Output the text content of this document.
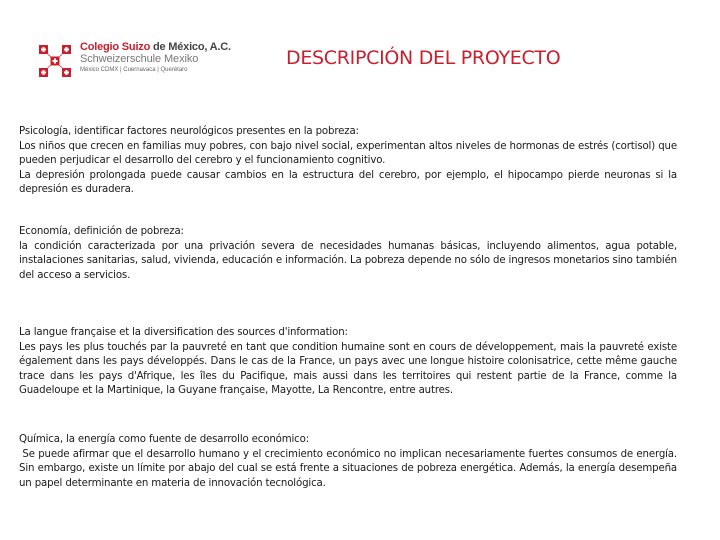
Colegio Suizo de México, A.C.
Schweizerschule Mexiko
México CDMX | Cuernavaca | Querétaro
DESCRIPCIÓN DEL PROYECTO

Psicología, identificar factores neurológicos presentes en la pobreza:

Los niños que crecen en familias muy pobres, con bajo nivel social, experimentan altos niveles de hormonas de estrés (cortisol) que pueden perjudicar el desarrollo del cerebro y el funcionamiento cognitivo.

La depresión prolongada puede causar cambios en la estructura del cerebro, por ejemplo, el hipocampo pierde neuronas si la depresión es duradera.

Economía, definición de pobreza:

la condición caracterizada por una privación severa de necesidades humanas básicas, incluyendo alimentos, agua potable, instalaciones sanitarias, salud, vivienda, educación e información. La pobreza depende no sólo de ingresos monetarios sino también del acceso a servicios.

La langue française et la diversification des sources d'information:

Les pays les plus touchés par la pauvreté en tant que condition humaine sont en cours de développement, mais la pauvreté existe également dans les pays développés. Dans le cas de la France, un pays avec une longue histoire colonisatrice, cette même gauche trace dans les pays d'Afrique, les îles du Pacifique, mais aussi dans les territoires qui restent partie de la France, comme la Guadeloupe et la Martinique, la Guyane française, Mayotte, La Rencontre, entre autres.

Química, la energía como fuente de desarrollo económico:

Se puede afirmar que el desarrollo humano y el crecimiento económico no implican necesariamente fuertes consumos de energía. Sin embargo, existe un límite por abajo del cual se está frente a situaciones de pobreza energética. Además, la energía desempeña un papel determinante en materia de innovación tecnológica.
